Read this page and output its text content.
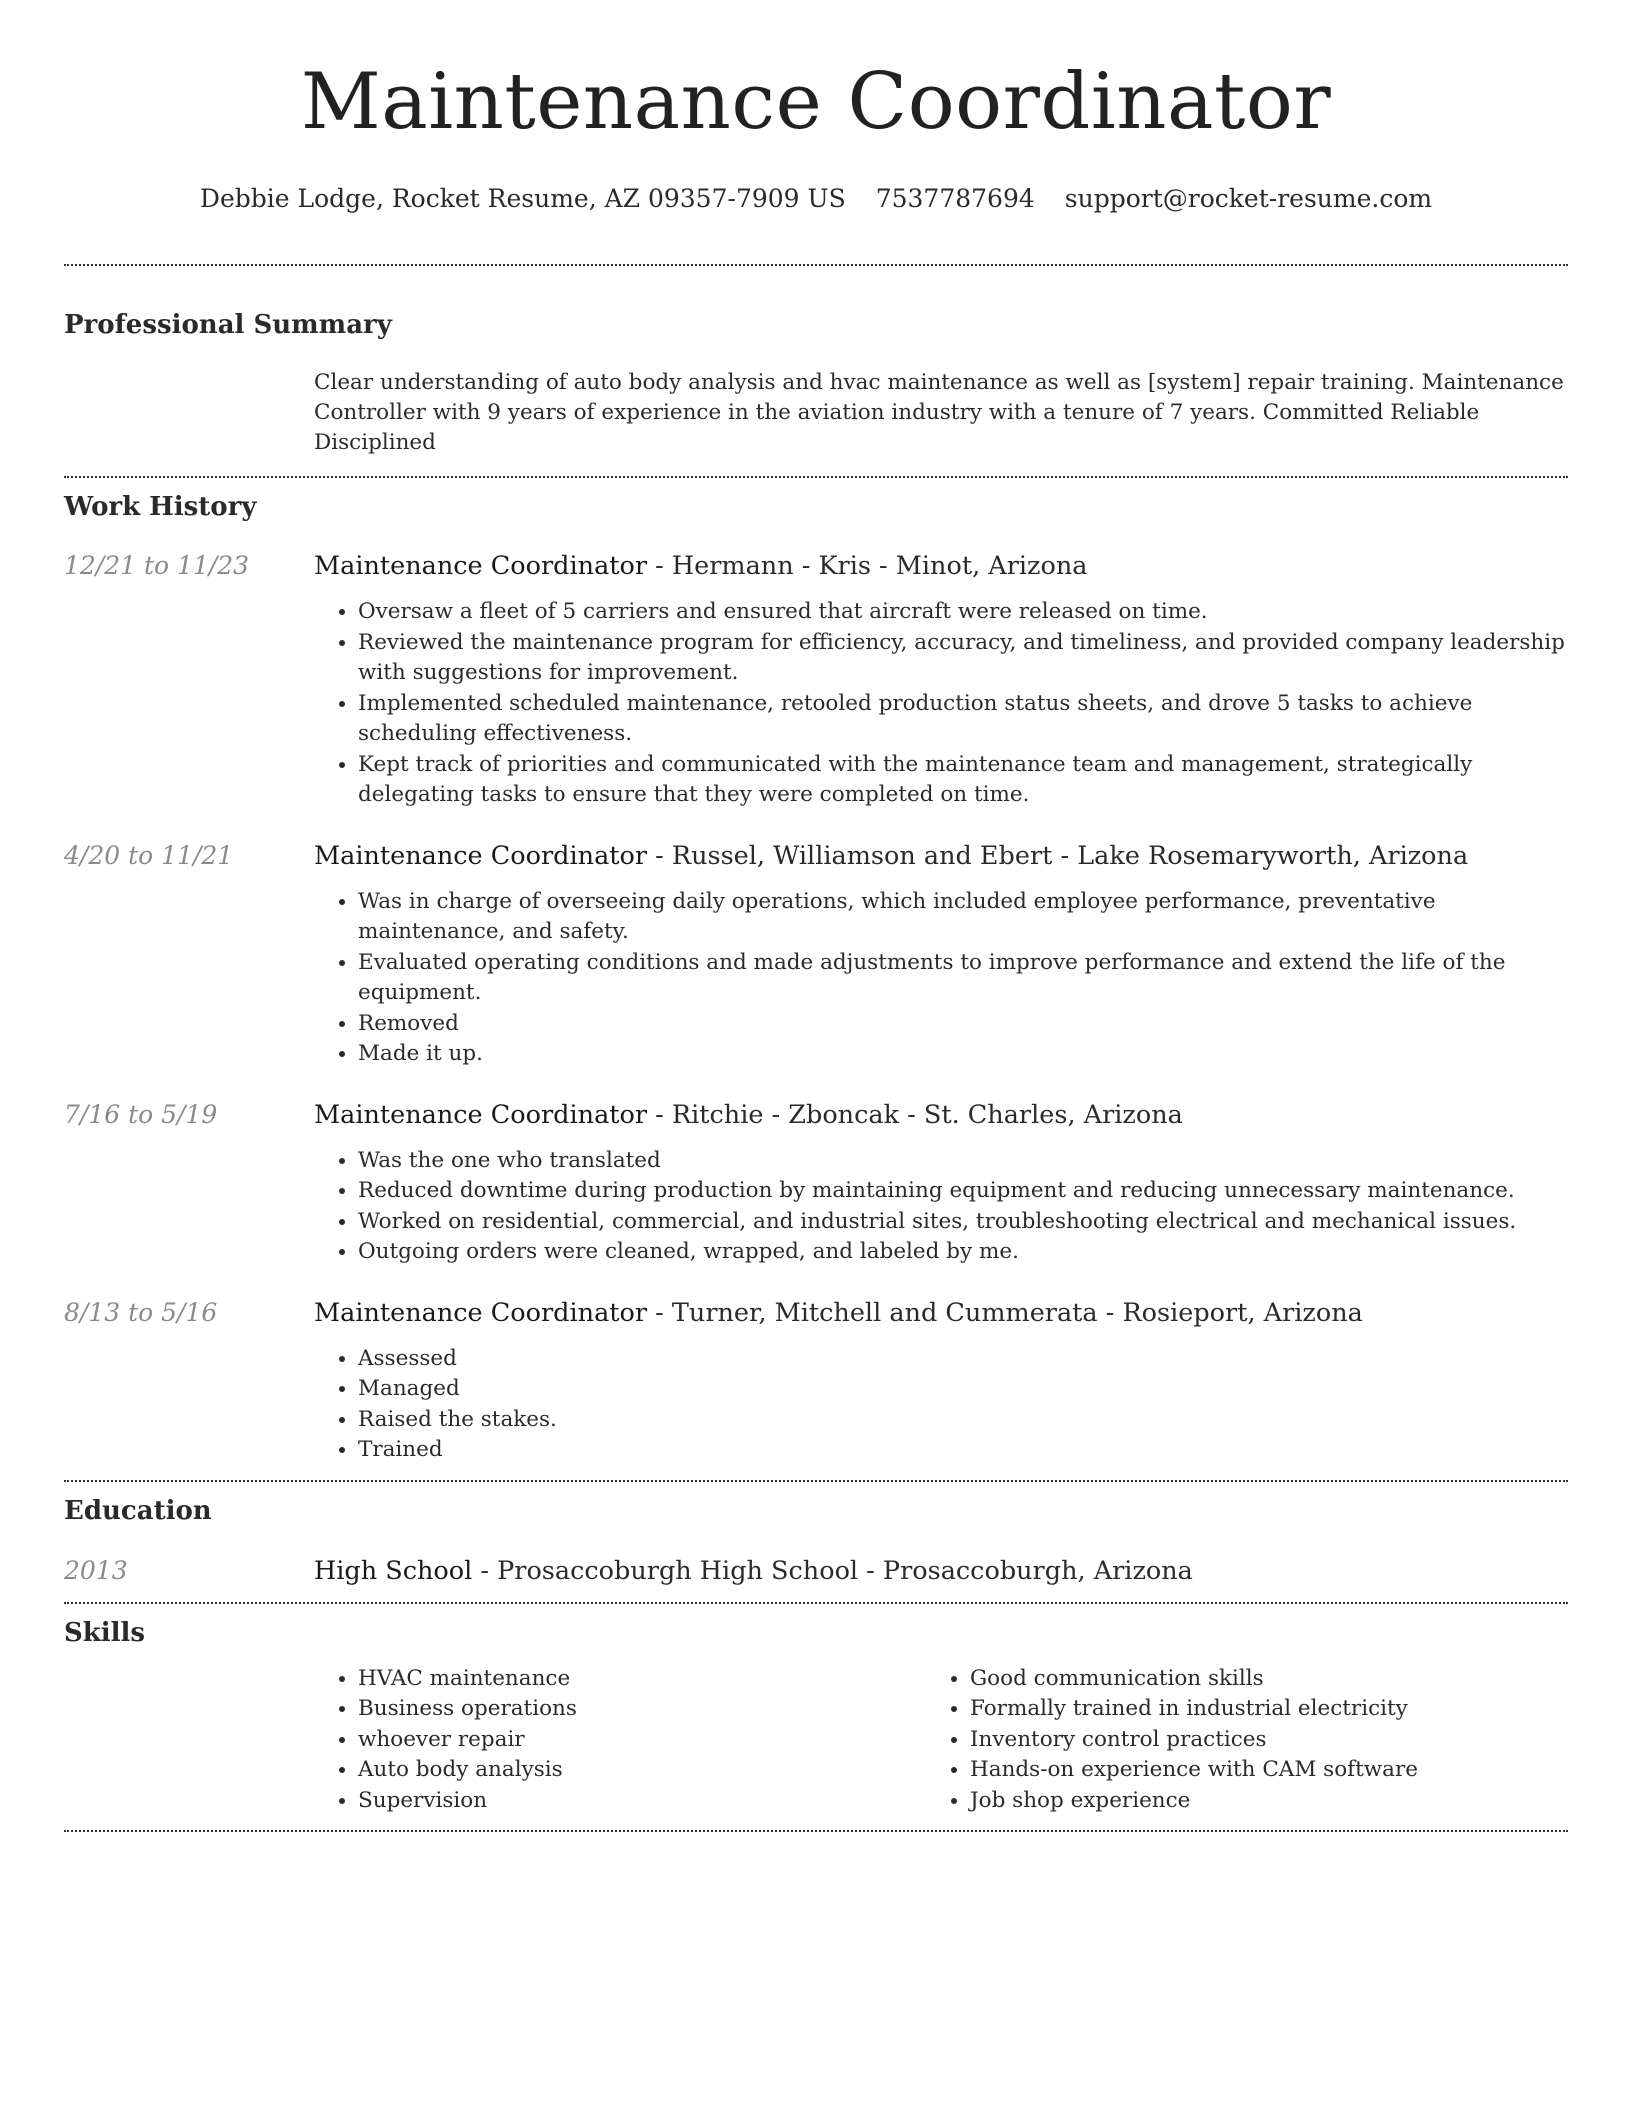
Maintenance Coordinator
Debbie Lodge, Rocket Resume, AZ 09357-7909 US 7537787694 support@rocket-resume.com
Professional Summary
Clear understanding of auto body analysis and hvac maintenance as well as [system] repair training. Maintenance Controller with 9 years of experience in the aviation industry with a tenure of 7 years. Committed Reliable Disciplined
Work History
12/21 to 11/23	Maintenance Coordinator - Hermann - Kris - Minot, Arizona
• Oversaw a fleet of 5 carriers and ensured that aircraft were released on time.
• Reviewed the maintenance program for efficiency, accuracy, and timeliness, and provided company leadership with suggestions for improvement.
• Implemented scheduled maintenance, retooled production status sheets, and drove 5 tasks to achieve scheduling effectiveness.
• Kept track of priorities and communicated with the maintenance team and management, strategically delegating tasks to ensure that they were completed on time.
4/20 to 11/21	Maintenance Coordinator - Russel, Williamson and Ebert - Lake Rosemaryworth, Arizona
• Was in charge of overseeing daily operations, which included employee performance, preventative maintenance, and safety.
• Evaluated operating conditions and made adjustments to improve performance and extend the life of the equipment.
• Removed
• Made it up.
7/16 to 5/19	Maintenance Coordinator - Ritchie - Zboncak - St. Charles, Arizona
• Was the one who translated
• Reduced downtime during production by maintaining equipment and reducing unnecessary maintenance.
• Worked on residential, commercial, and industrial sites, troubleshooting electrical and mechanical issues.
• Outgoing orders were cleaned, wrapped, and labeled by me.
8/13 to 5/16	Maintenance Coordinator - Turner, Mitchell and Cummerata - Rosieport, Arizona
• Assessed
• Managed
• Raised the stakes.
• Trained
Education
2013	High School - Prosaccoburgh High School - Prosaccoburgh, Arizona
Skills
• HVAC maintenance
• Business operations
• whoever repair
• Auto body analysis
• Supervision
• Good communication skills
• Formally trained in industrial electricity
• Inventory control practices
• Hands-on experience with CAM software
• Job shop experience
